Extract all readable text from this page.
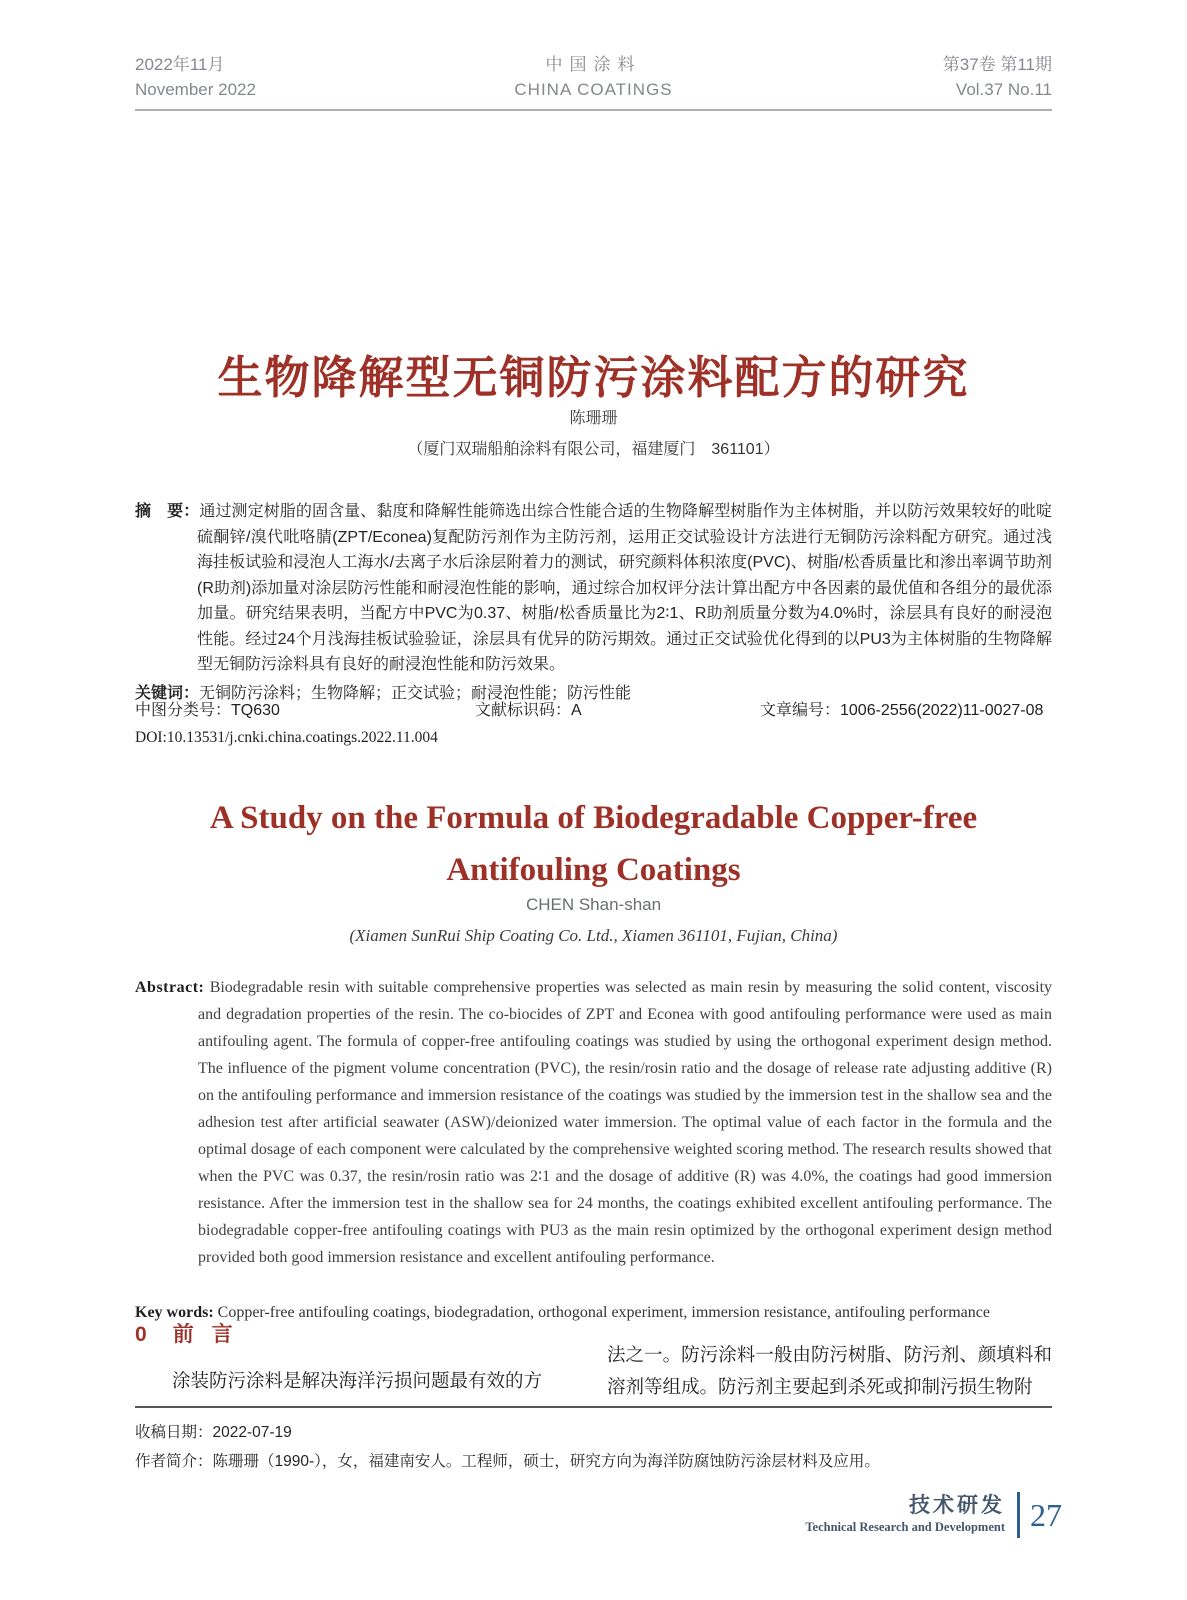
2022年11月	中国涂料	第37卷 第11期
November 2022	CHINA COATINGS	Vol.37 No.11
生物降解型无铜防污涂料配方的研究
陈珊珊
（厦门双瑞船舶涂料有限公司，福建厦门　361101）

摘　要：通过测定树脂的固含量、黏度和降解性能筛选出综合性能合适的生物降解型树脂作为主体树脂，并以防污效果较好的吡啶硫酮锌/溴代吡咯腈(ZPT/Econea)复配防污剂作为主防污剂，运用正交试验设计方法进行无铜防污涂料配方研究。通过浅海挂板试验和浸泡人工海水/去离子水后涂层附着力的测试，研究颜料体积浓度(PVC)、树脂/松香质量比和渗出率调节助剂(R助剂)添加量对涂层防污性能和耐浸泡性能的影响，通过综合加权评分法计算出配方中各因素的最优值和各组分的最优添加量。研究结果表明，当配方中PVC为0.37、树脂/松香质量比为2∶1、R助剂质量分数为4.0%时，涂层具有良好的耐浸泡性能。经过24个月浅海挂板试验验证，涂层具有优异的防污期效。通过正交试验优化得到的以PU3为主体树脂的生物降解型无铜防污涂料具有良好的耐浸泡性能和防污效果。

关键词：无铜防污涂料；生物降解；正交试验；耐浸泡性能；防污性能

中图分类号：TQ630	文献标识码：A	文章编号：1006-2556(2022)11-0027-08
DOI:10.13531/j.cnki.china.coatings.2022.11.004
A Study on the Formula of Biodegradable Copper-free
Antifouling Coatings
CHEN Shan-shan
(Xiamen SunRui Ship Coating Co. Ltd., Xiamen 361101, Fujian, China)

Abstract: Biodegradable resin with suitable comprehensive properties was selected as main resin by measuring the solid content, viscosity and degradation properties of the resin. The co-biocides of ZPT and Econea with good antifouling performance were used as main antifouling agent. The formula of copper-free antifouling coatings was studied by using the orthogonal experiment design method. The influence of the pigment volume concentration (PVC), the resin/rosin ratio and the dosage of release rate adjusting additive (R) on the antifouling performance and immersion resistance of the coatings was studied by the immersion test in the shallow sea and the adhesion test after artificial seawater (ASW)/deionized water immersion. The optimal value of each factor in the formula and the optimal dosage of each component were calculated by the comprehensive weighted scoring method. The research results showed that when the PVC was 0.37, the resin/rosin ratio was 2∶1 and the dosage of additive (R) was 4.0%, the coatings had good immersion resistance. After the immersion test in the shallow sea for 24 months, the coatings exhibited excellent antifouling performance. The biodegradable copper-free antifouling coatings with PU3 as the main resin optimized by the orthogonal experiment design method provided both good immersion resistance and excellent antifouling performance.

Key words: Copper-free antifouling coatings, biodegradation, orthogonal experiment, immersion resistance, antifouling performance

0 前言

涂装防污涂料是解决海洋污损问题最有效的方

法之一。防污涂料一般由防污树脂、防污剂、颜填料和溶剂等组成。防污剂主要起到杀死或抑制污损生物附

收稿日期：2022-07-19
作者简介：陈珊珊（1990-），女，福建南安人。工程师，硕士，研究方向为海洋防腐蚀防污涂层材料及应用。
技术研发
Technical Research and Development 27
